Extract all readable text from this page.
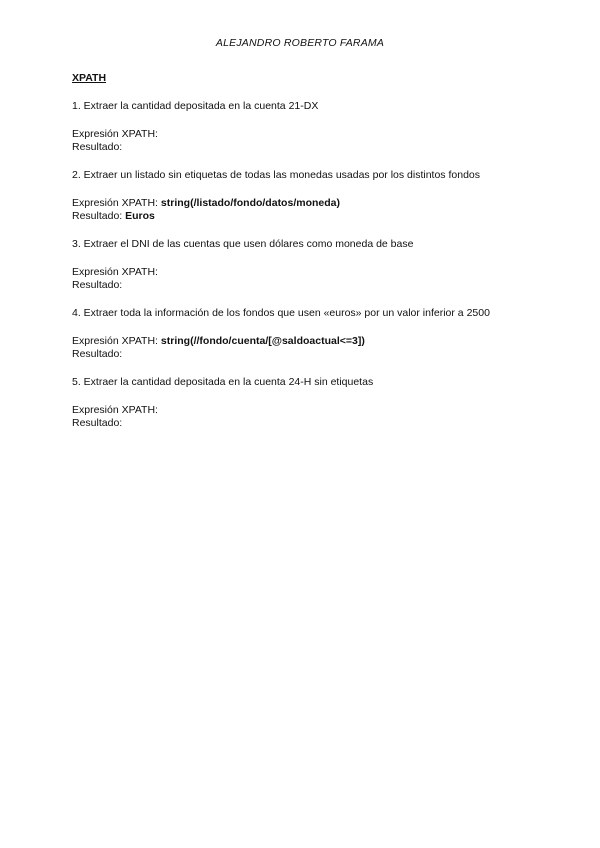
ALEJANDRO ROBERTO FARAMA
XPATH
1. Extraer la cantidad depositada en la cuenta 21-DX
Expresión XPATH:
Resultado:
2. Extraer un listado sin etiquetas de todas las monedas usadas por los distintos fondos
Expresión XPATH: string(/listado/fondo/datos/moneda)
Resultado: Euros
3. Extraer el DNI de las cuentas que usen dólares como moneda de base
Expresión XPATH:
Resultado:
4. Extraer toda la información de los fondos que usen «euros» por un valor inferior a 2500
Expresión XPATH: string(//fondo/cuenta/[@saldoactual<=3])
Resultado:
5. Extraer la cantidad depositada en la cuenta 24-H sin etiquetas
Expresión XPATH:
Resultado:
